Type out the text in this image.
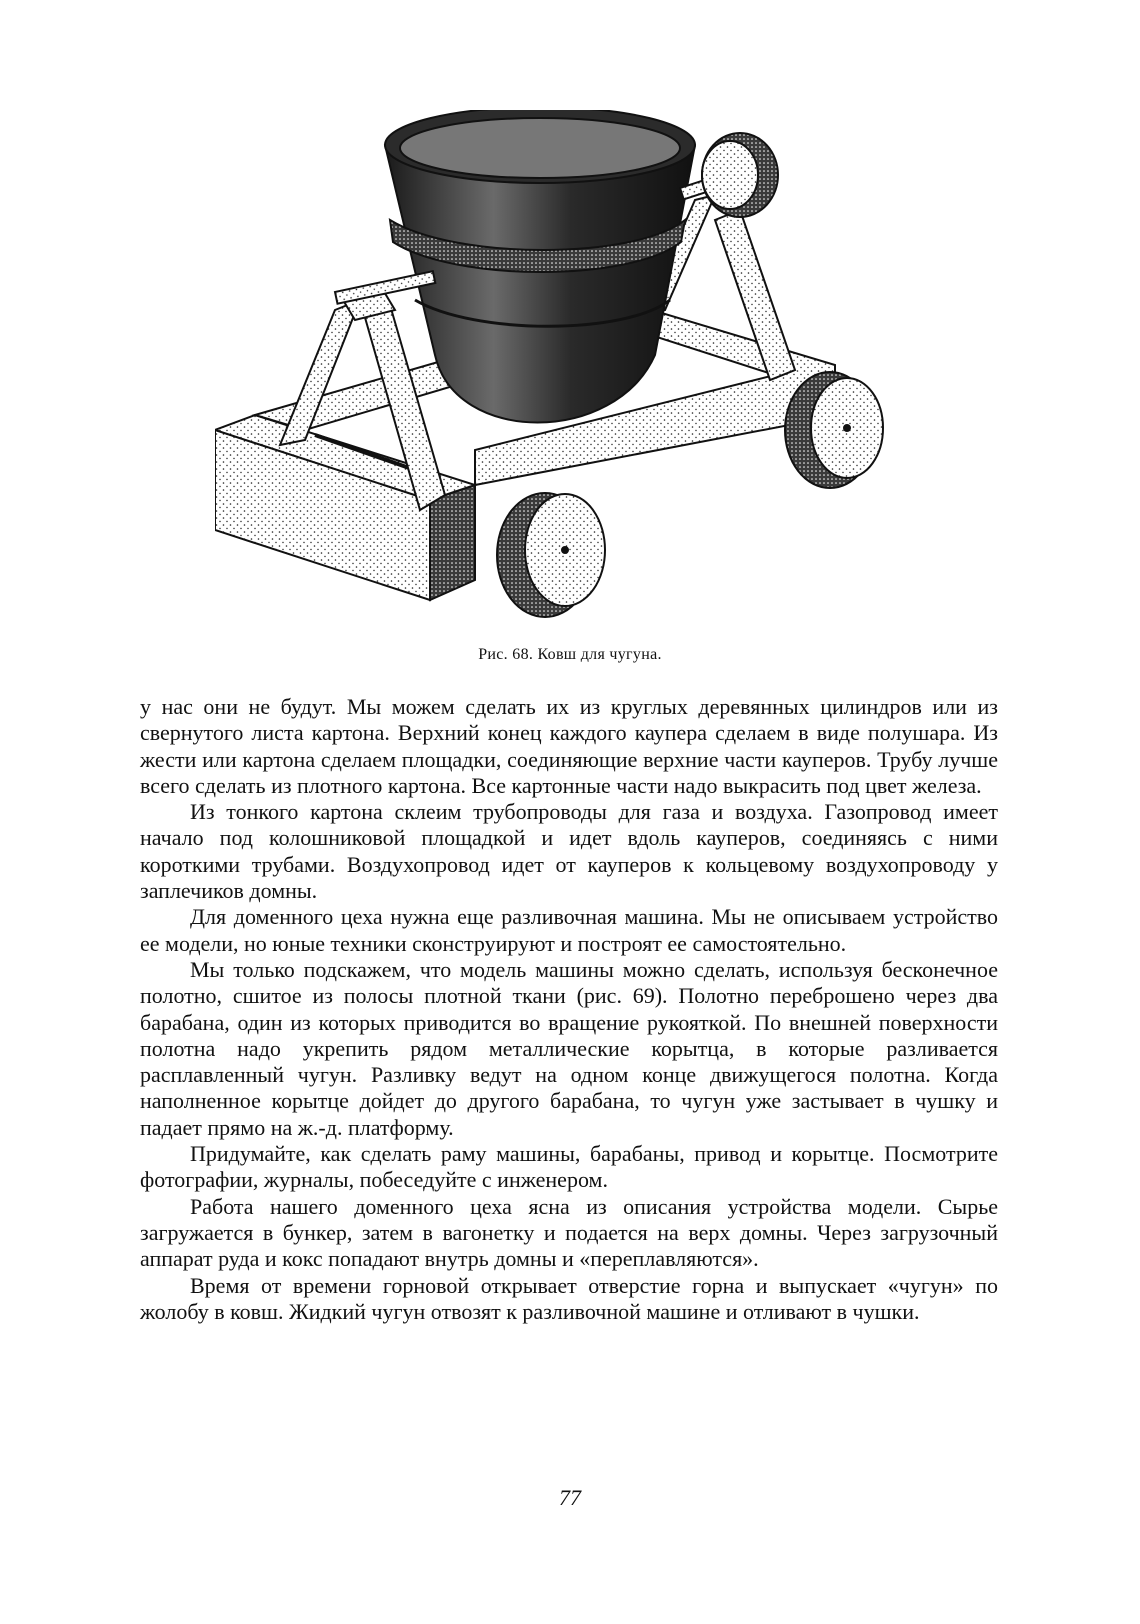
Рис. 68. Ковш для чугуна.

у нас они не будут. Мы можем сделать их из круглых деревянных цилиндров или из свернутого листа картона. Верхний конец каждого каупера сделаем в виде полушара. Из жести или картона сделаем площадки, соединяющие верхние части кауперов. Трубу лучше всего сделать из плотного картона. Все картонные части надо выкрасить под цвет железа.

Из тонкого картона склеим трубопроводы для газа и воздуха. Газопровод имеет начало под колошниковой площадкой и идет вдоль кауперов, соединяясь с ними короткими трубами. Воздухопровод идет от кауперов к кольцевому воздухопроводу у заплечиков домны.

Для доменного цеха нужна еще разливочная машина. Мы не описываем устройство ее модели, но юные техники сконструируют и построят ее самостоятельно.

Мы только подскажем, что модель машины можно сделать, используя бесконечное полотно, сшитое из полосы плотной ткани (рис. 69). Полотно переброшено через два барабана, один из которых приводится во вращение рукояткой. По внешней поверхности полотна надо укрепить рядом металлические корытца, в которые разливается расплавленный чугун. Разливку ведут на одном конце движущегося полотна. Когда наполненное корытце дойдет до другого барабана, то чугун уже застывает в чушку и падает прямо на ж.-д. платформу.

Придумайте, как сделать раму машины, барабаны, привод и корытце. Посмотрите фотографии, журналы, побеседуйте с инженером.

Работа нашего доменного цеха ясна из описания устройства модели. Сырье загружается в бункер, затем в вагонетку и подается на верх домны. Через загрузочный аппарат руда и кокс попадают внутрь домны и «переплавляются».

Время от времени горновой открывает отверстие горна и выпускает «чугун» по жолобу в ковш. Жидкий чугун отвозят к разливочной машине и отливают в чушки.

77
